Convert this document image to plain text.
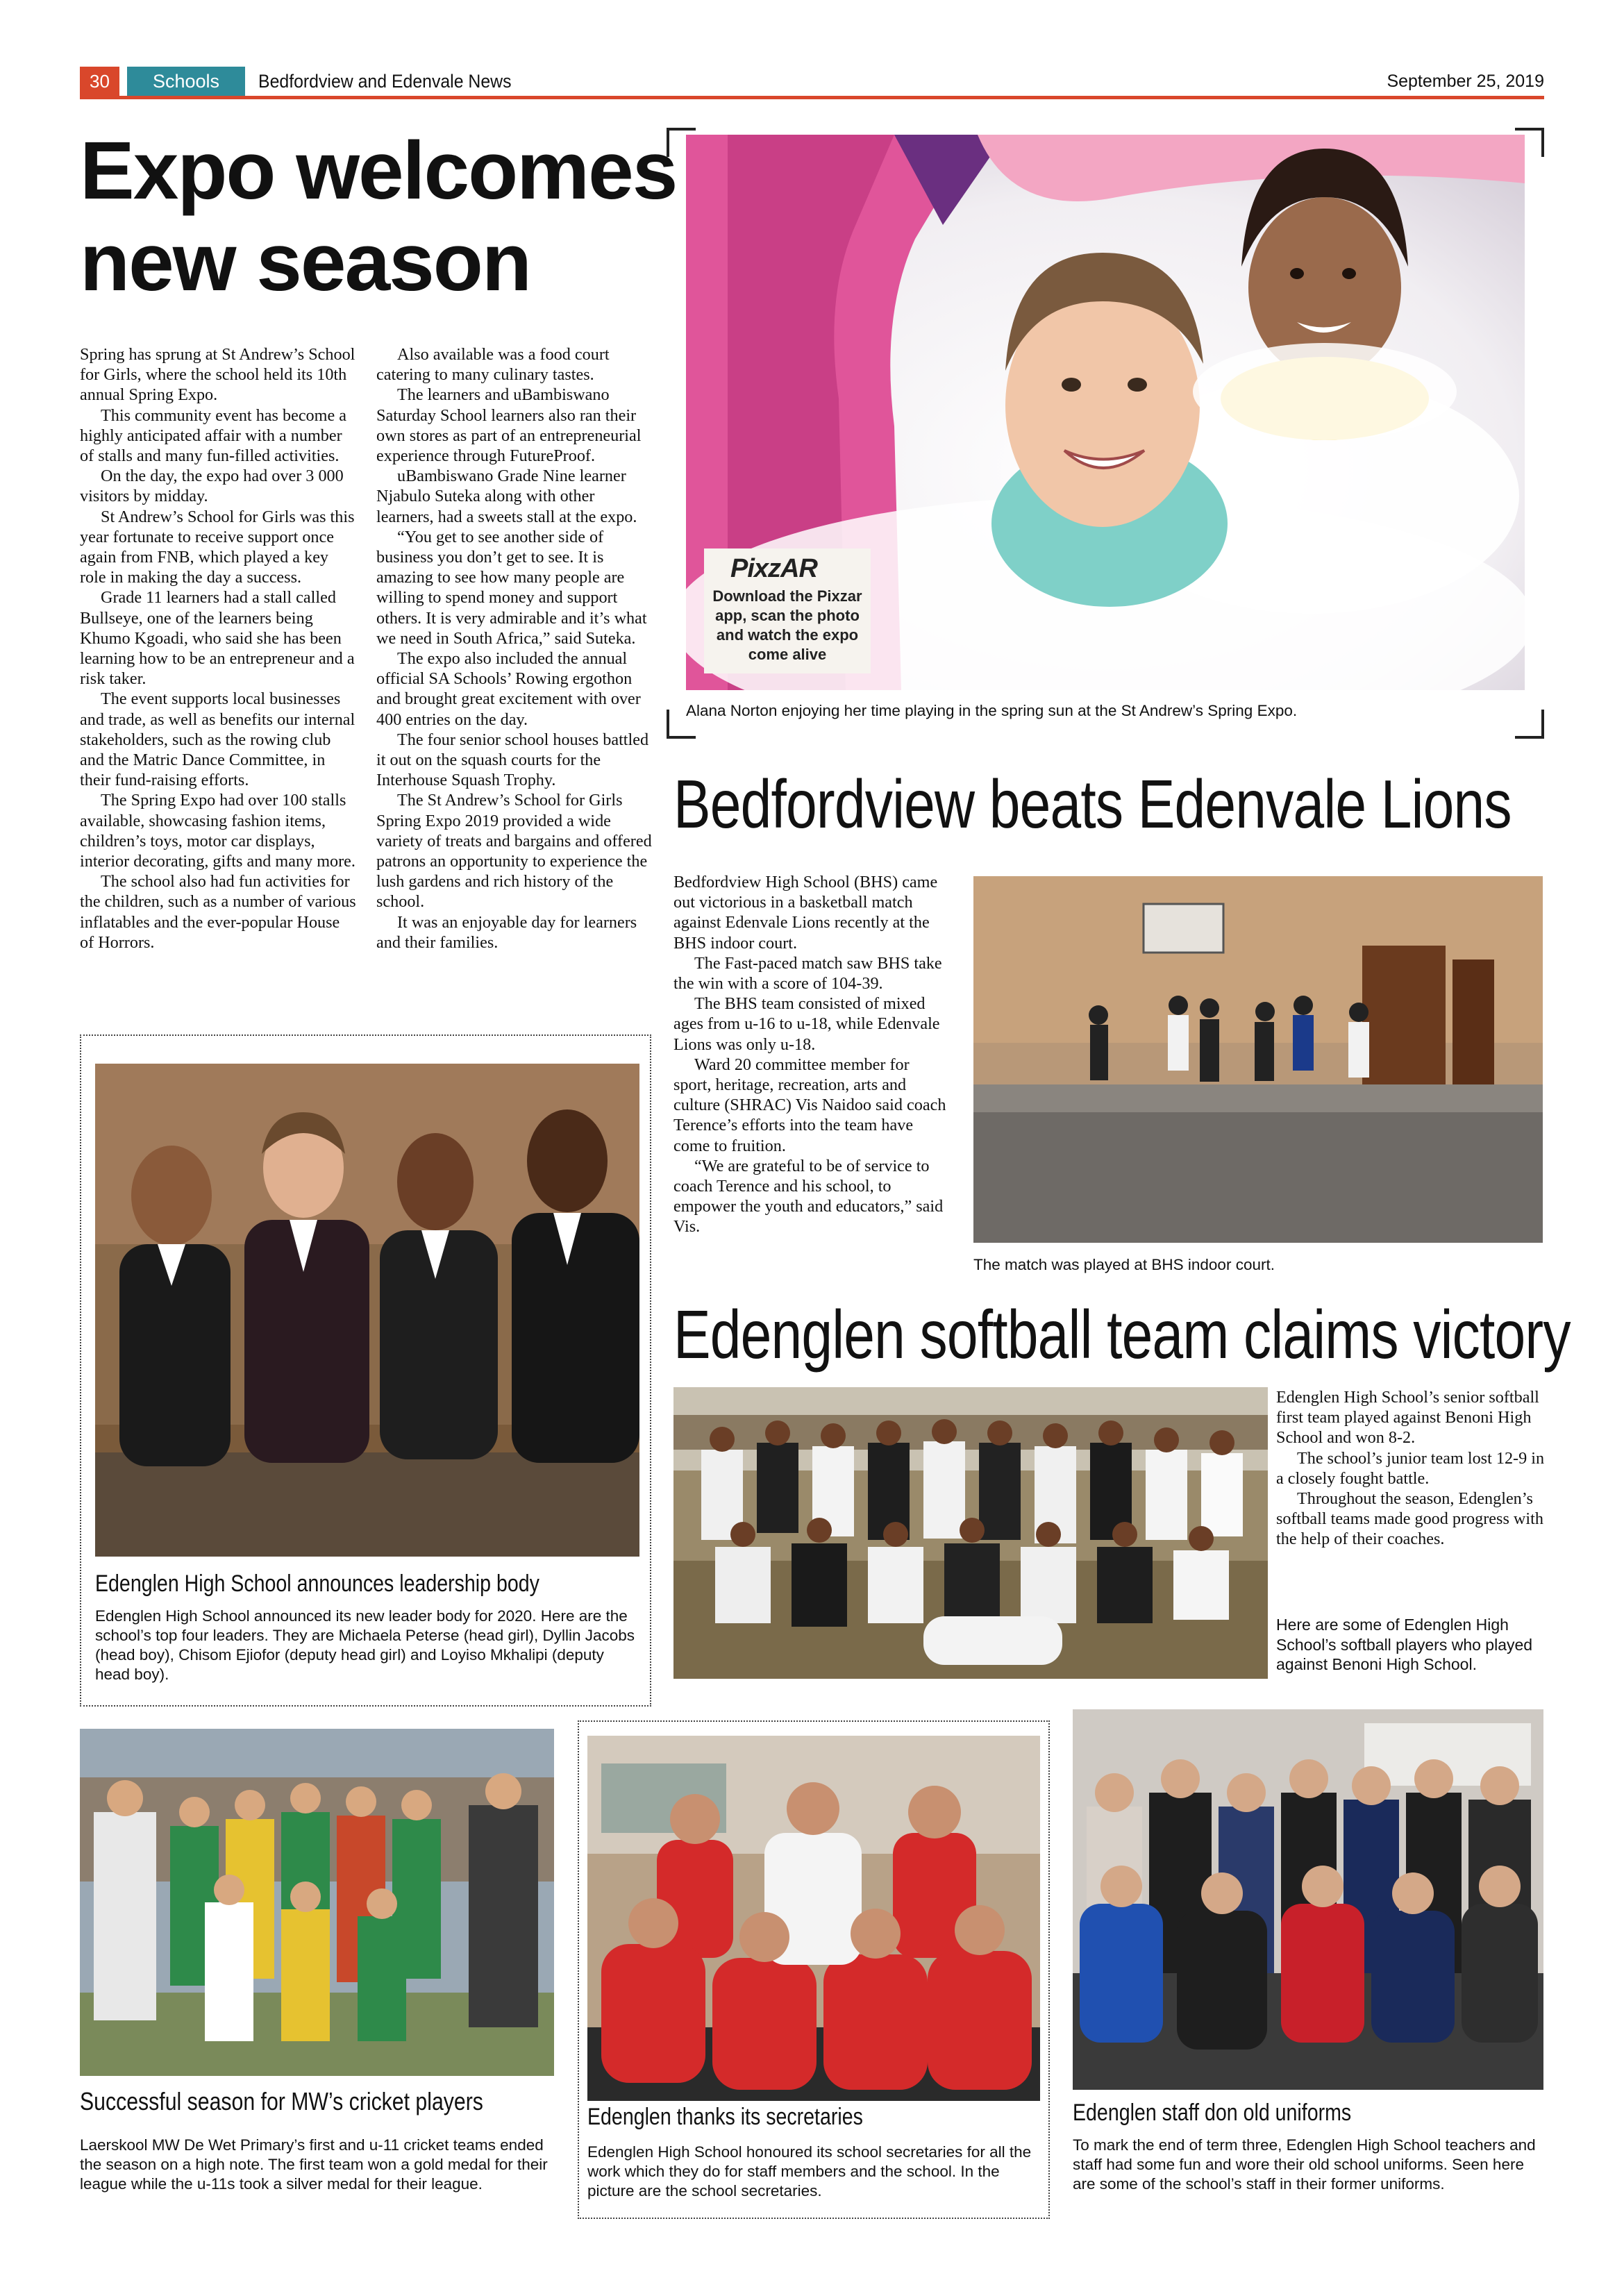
30	Schools	Bedfordview and Edenvale News	September 25, 2019
Expo welcomes
new season

Spring has sprung at St Andrew’s School for Girls, where the school held its 10th annual Spring Expo.

This community event has become a highly anticipated affair with a number of stalls and many fun-filled activities.

On the day, the expo had over 3 000 visitors by midday.

St Andrew’s School for Girls was this year fortunate to receive support once again from FNB, which played a key role in making the day a success.

Grade 11 learners had a stall called Bullseye, one of the learners being Khumo Kgoadi, who said she has been learning how to be an entrepreneur and a risk taker.

The event supports local businesses and trade, as well as benefits our internal stakeholders, such as the rowing club and the Matric Dance Committee, in their fund-raising efforts.

The Spring Expo had over 100 stalls available, showcasing fashion items, children’s toys, motor car displays, interior decorating, gifts and many more.

The school also had fun activities for the children, such as a number of various inflatables and the ever-popular House of Horrors.

Also available was a food court catering to many culinary tastes.

The learners and uBambiswano Saturday School learners also ran their own stores as part of an entrepreneurial experience through FutureProof.

uBambiswano Grade Nine learner Njabulo Suteka along with other learners, had a sweets stall at the expo.

“You get to see another side of business you don’t get to see. It is amazing to see how many people are willing to spend money and support others. It is very admirable and it’s what we need in South Africa,” said Suteka.

The expo also included the annual official SA Schools’ Rowing ergothon and brought great excitement with over 400 entries on the day.

The four senior school houses battled it out on the squash courts for the Interhouse Squash Trophy.

The St Andrew’s School for Girls Spring Expo 2019 provided a wide variety of treats and bargains and offered patrons an opportunity to experience the lush gardens and rich history of the school.

It was an enjoyable day for learners and their families.

PixzAR
Download the Pixzar app, scan the photo and watch the expo come alive
Alana Norton enjoying her time playing in the spring sun at the St Andrew’s Spring Expo.
Bedfordview beats Edenvale Lions

Bedfordview High School (BHS) came out victorious in a basketball match against Edenvale Lions recently at the BHS indoor court.

The Fast-paced match saw BHS take the win with a score of 104-39.

The BHS team consisted of mixed ages from u-16 to u-18, while Edenvale Lions was only u-18.

Ward 20 committee member for sport, heritage, recreation, arts and culture (SHRAC) Vis Naidoo said coach Terence’s efforts into the team have come to fruition.

“We are grateful to be of service to coach Terence and his school, to empower the youth and educators,” said Vis.

The match was played at BHS indoor court.
Edenglen High School announces leadership body
Edenglen High School announced its new leader body for 2020. Here are the school’s top four leaders. They are Michaela Peterse (head girl), Dyllin Jacobs (head boy), Chisom Ejiofor (deputy head girl) and Loyiso Mkhalipi (deputy head boy).
Edenglen softball team claims victory

Edenglen High School’s senior softball first team played against Benoni High School and won 8-2.

The school’s junior team lost 12-9 in a closely fought battle.

Throughout the season, Edenglen’s softball teams made good progress with the help of their coaches.

Here are some of Edenglen High School’s softball players who played against Benoni High School.
Successful season for MW’s cricket players
Laerskool MW De Wet Primary’s first and u-11 cricket teams ended the season on a high note. The first team won a gold medal for their league while the u-11s took a silver medal for their league.
Edenglen thanks its secretaries
Edenglen High School honoured its school secretaries for all the work which they do for staff members and the school. In the picture are the school secretaries.
Edenglen staff don old uniforms
To mark the end of term three, Edenglen High School teachers and staff had some fun and wore their old school uniforms. Seen here are some of the school’s staff in their former uniforms.
